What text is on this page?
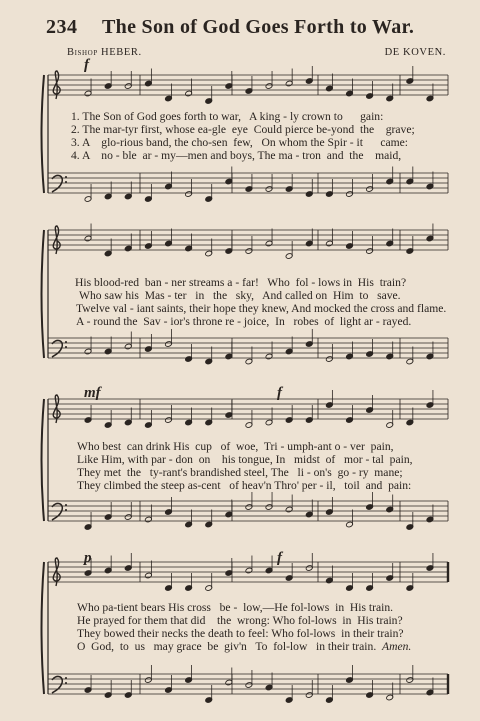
234 The Son of God Goes Forth to War.
Bishop HEBER.	DE KOVEN.
f
1. The Son of God goes forth to war,   A king - ly crown to      gain:
2. The mar-tyr first, whose ea-gle  eye  Could pierce be-yond  the    grave;
3. A    glo-rious band, the cho-sen  few,   On whom the Spir - it      came:
4. A    no - ble  ar - my—men and boys, The ma - tron  and  the    maid,
His blood-red  ban - ner streams a - far!   Who  fol - lows in  His  train?
Who saw his  Mas - ter   in   the   sky,   And called on  Him  to   save.
Twelve val - iant saints, their hope they knew, And mocked the cross and flame.
A - round the  Sav - ior's throne re - joice,  In   robes  of  light ar - rayed.
mf	f
Who best  can drink His  cup   of  woe,  Tri - umph-ant o - ver  pain,
Like Him, with par - don  on    his tongue, In   midst  of   mor - tal  pain,
They met  the   ty-rant's brandished steel, The   li - on's  go - ry  mane;
They climbed the steep as-cent   of heav'n Thro' per - il,   toil  and  pain:
p	f
Who pa-tient bears His cross   be -  low,—He fol-lows  in  His train.
He prayed for them that did    the  wrong: Who fol-lows  in  His train?
They bowed their necks the death to feel: Who fol-lows  in their train?
O  God,  to  us   may grace  be  giv'n   To  fol-low   in their train.  Amen.
